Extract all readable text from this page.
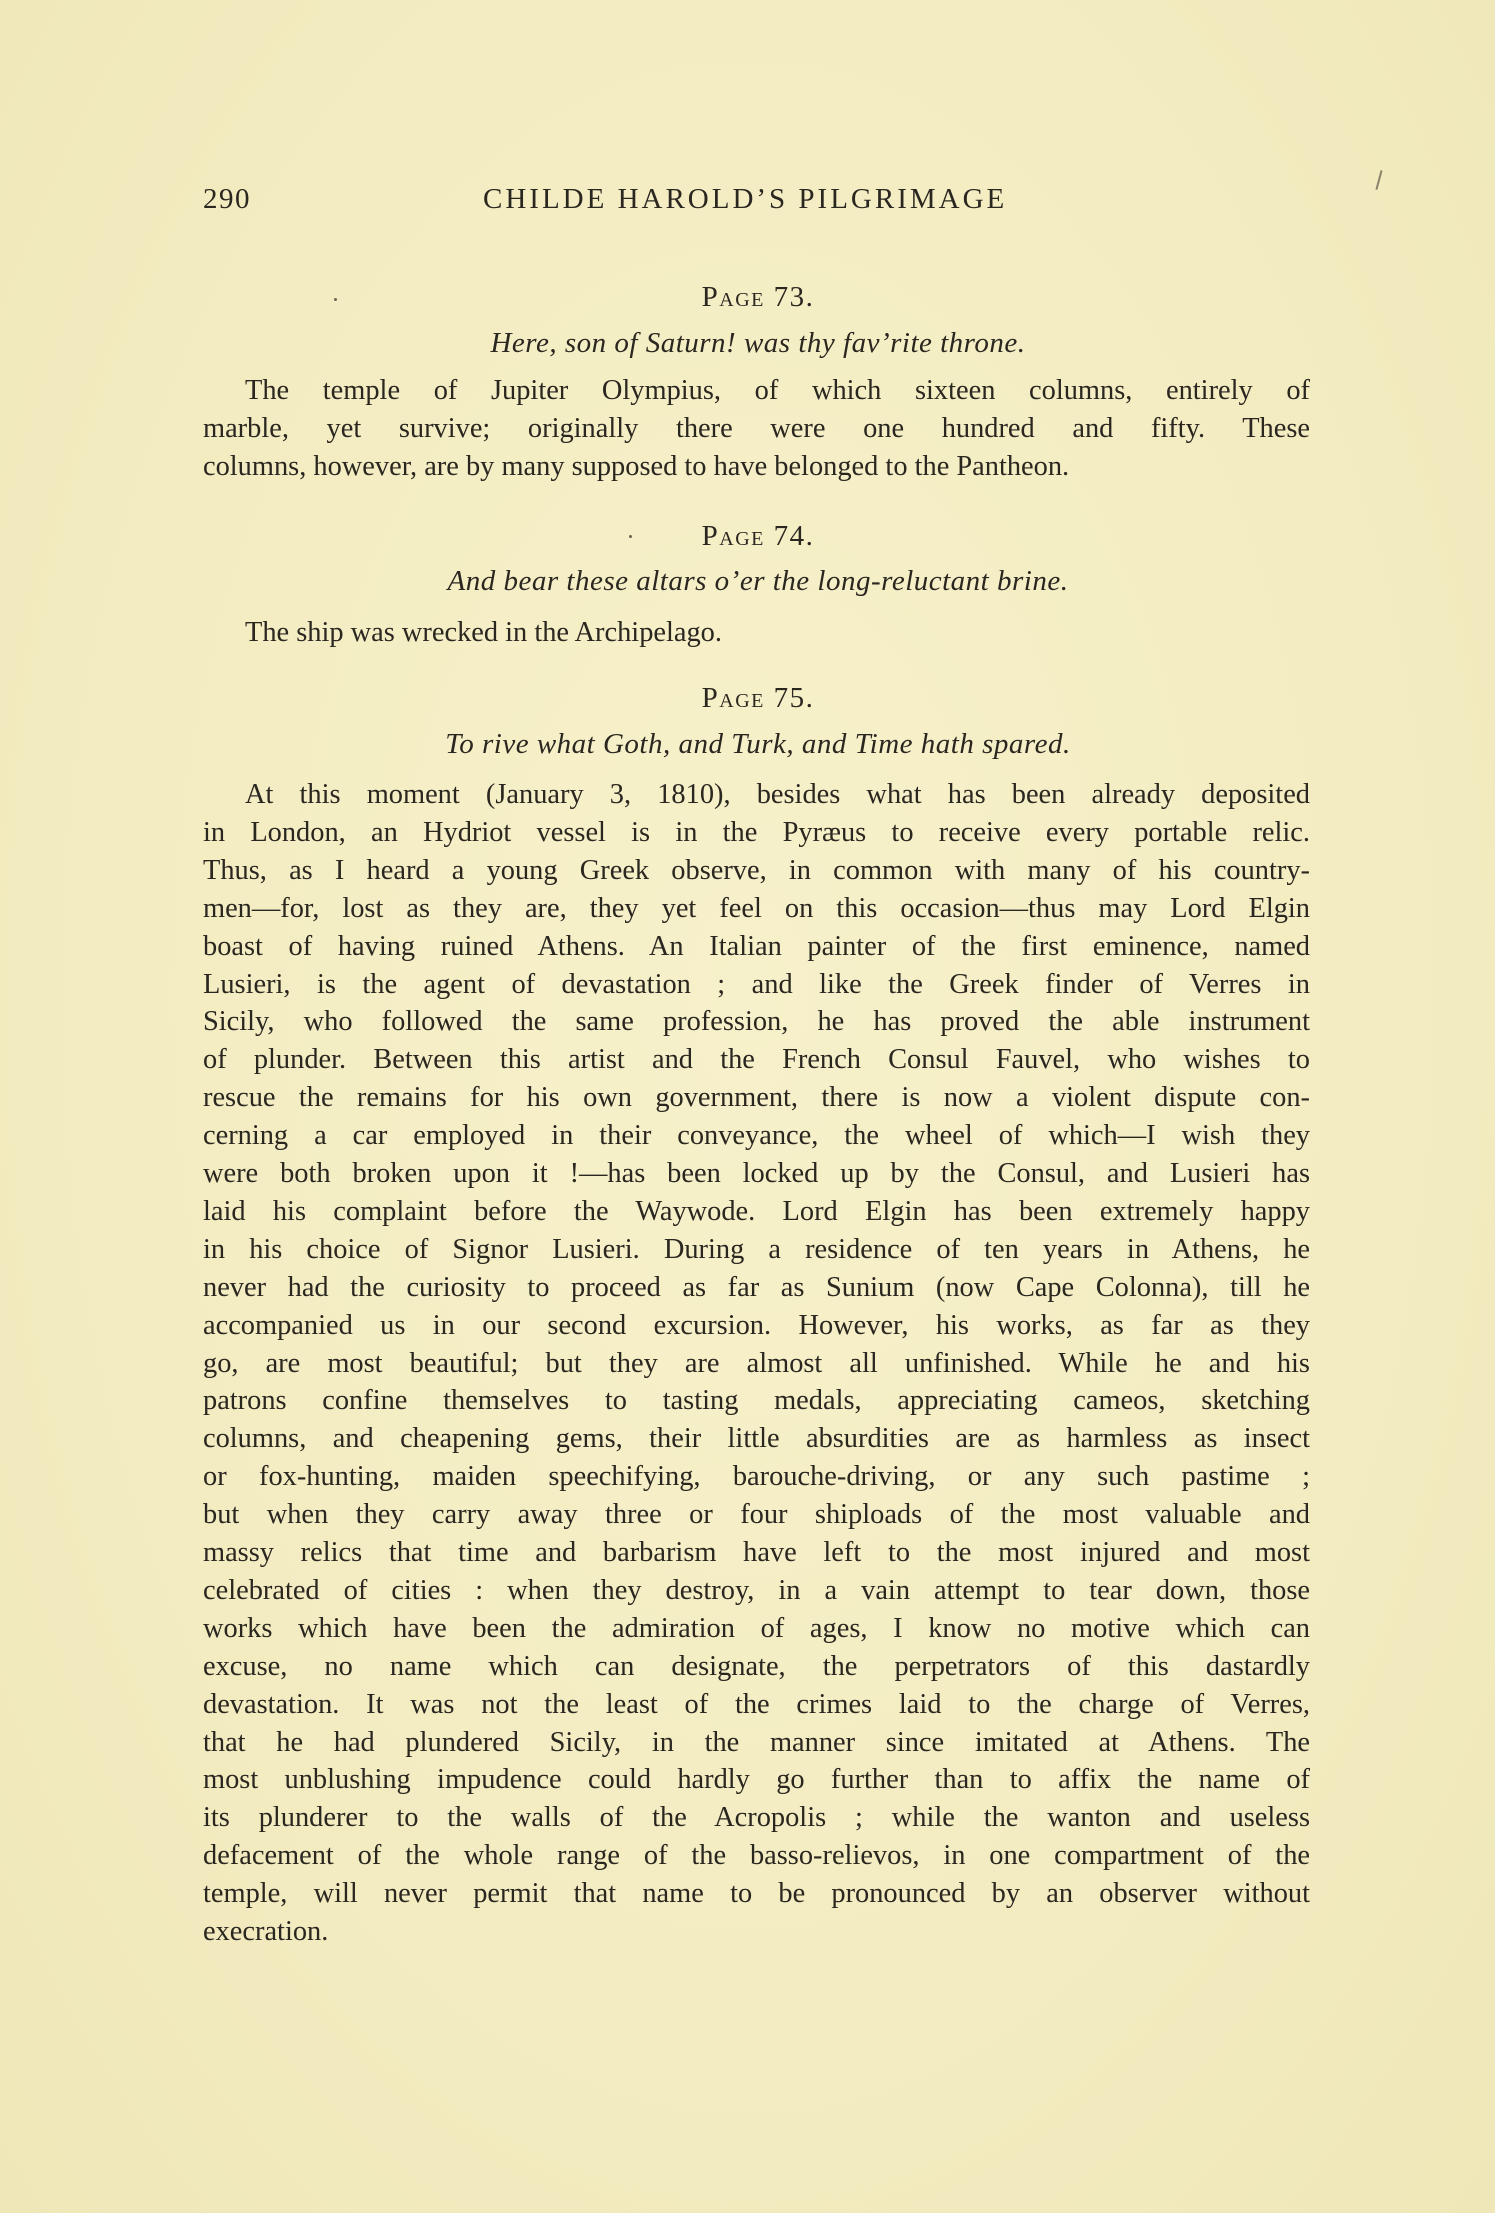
290	CHILDE HAROLD’S PILGRIMAGE
Page 73.
Here, son of Saturn! was thy fav’rite throne.
The temple of Jupiter Olympius, of which sixteen columns, entirely of
marble, yet survive; originally there were one hundred and fifty. These
columns, however, are by many supposed to have belonged to the Pantheon.
Page 74.
And bear these altars o’er the long-reluctant brine.
The ship was wrecked in the Archipelago.
Page 75.
To rive what Goth, and Turk, and Time hath spared.
At this moment (January 3, 1810), besides what has been already deposited
in London, an Hydriot vessel is in the Pyræus to receive every portable relic.
Thus, as I heard a young Greek observe, in common with many of his country-
men—for, lost as they are, they yet feel on this occasion—thus may Lord Elgin
boast of having ruined Athens. An Italian painter of the first eminence, named
Lusieri, is the agent of devastation ; and like the Greek finder of Verres in
Sicily, who followed the same profession, he has proved the able instrument
of plunder. Between this artist and the French Consul Fauvel, who wishes to
rescue the remains for his own government, there is now a violent dispute con-
cerning a car employed in their conveyance, the wheel of which—I wish they
were both broken upon it !—has been locked up by the Consul, and Lusieri has
laid his complaint before the Waywode. Lord Elgin has been extremely happy
in his choice of Signor Lusieri. During a residence of ten years in Athens, he
never had the curiosity to proceed as far as Sunium (now Cape Colonna), till he
accompanied us in our second excursion. However, his works, as far as they
go, are most beautiful; but they are almost all unfinished. While he and his
patrons confine themselves to tasting medals, appreciating cameos, sketching
columns, and cheapening gems, their little absurdities are as harmless as insect
or fox-hunting, maiden speechifying, barouche-driving, or any such pastime ;
but when they carry away three or four shiploads of the most valuable and
massy relics that time and barbarism have left to the most injured and most
celebrated of cities : when they destroy, in a vain attempt to tear down, those
works which have been the admiration of ages, I know no motive which can
excuse, no name which can designate, the perpetrators of this dastardly
devastation. It was not the least of the crimes laid to the charge of Verres,
that he had plundered Sicily, in the manner since imitated at Athens. The
most unblushing impudence could hardly go further than to affix the name of
its plunderer to the walls of the Acropolis ; while the wanton and useless
defacement of the whole range of the basso-relievos, in one compartment of the
temple, will never permit that name to be pronounced by an observer without
execration.
